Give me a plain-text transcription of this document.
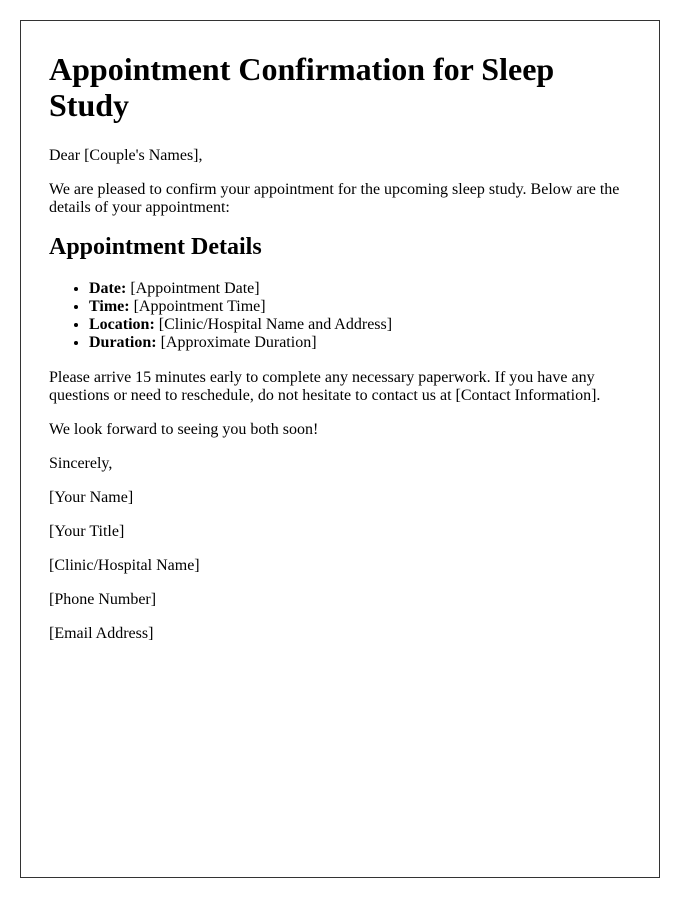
Appointment Confirmation for Sleep Study

Dear [Couple's Names],

We are pleased to confirm your appointment for the upcoming sleep study. Below are the details of your appointment:

Appointment Details
• Date: [Appointment Date]
• Time: [Appointment Time]
• Location: [Clinic/Hospital Name and Address]
• Duration: [Approximate Duration]

Please arrive 15 minutes early to complete any necessary paperwork. If you have any questions or need to reschedule, do not hesitate to contact us at [Contact Information].

We look forward to seeing you both soon!

Sincerely,

[Your Name]

[Your Title]

[Clinic/Hospital Name]

[Phone Number]

[Email Address]
